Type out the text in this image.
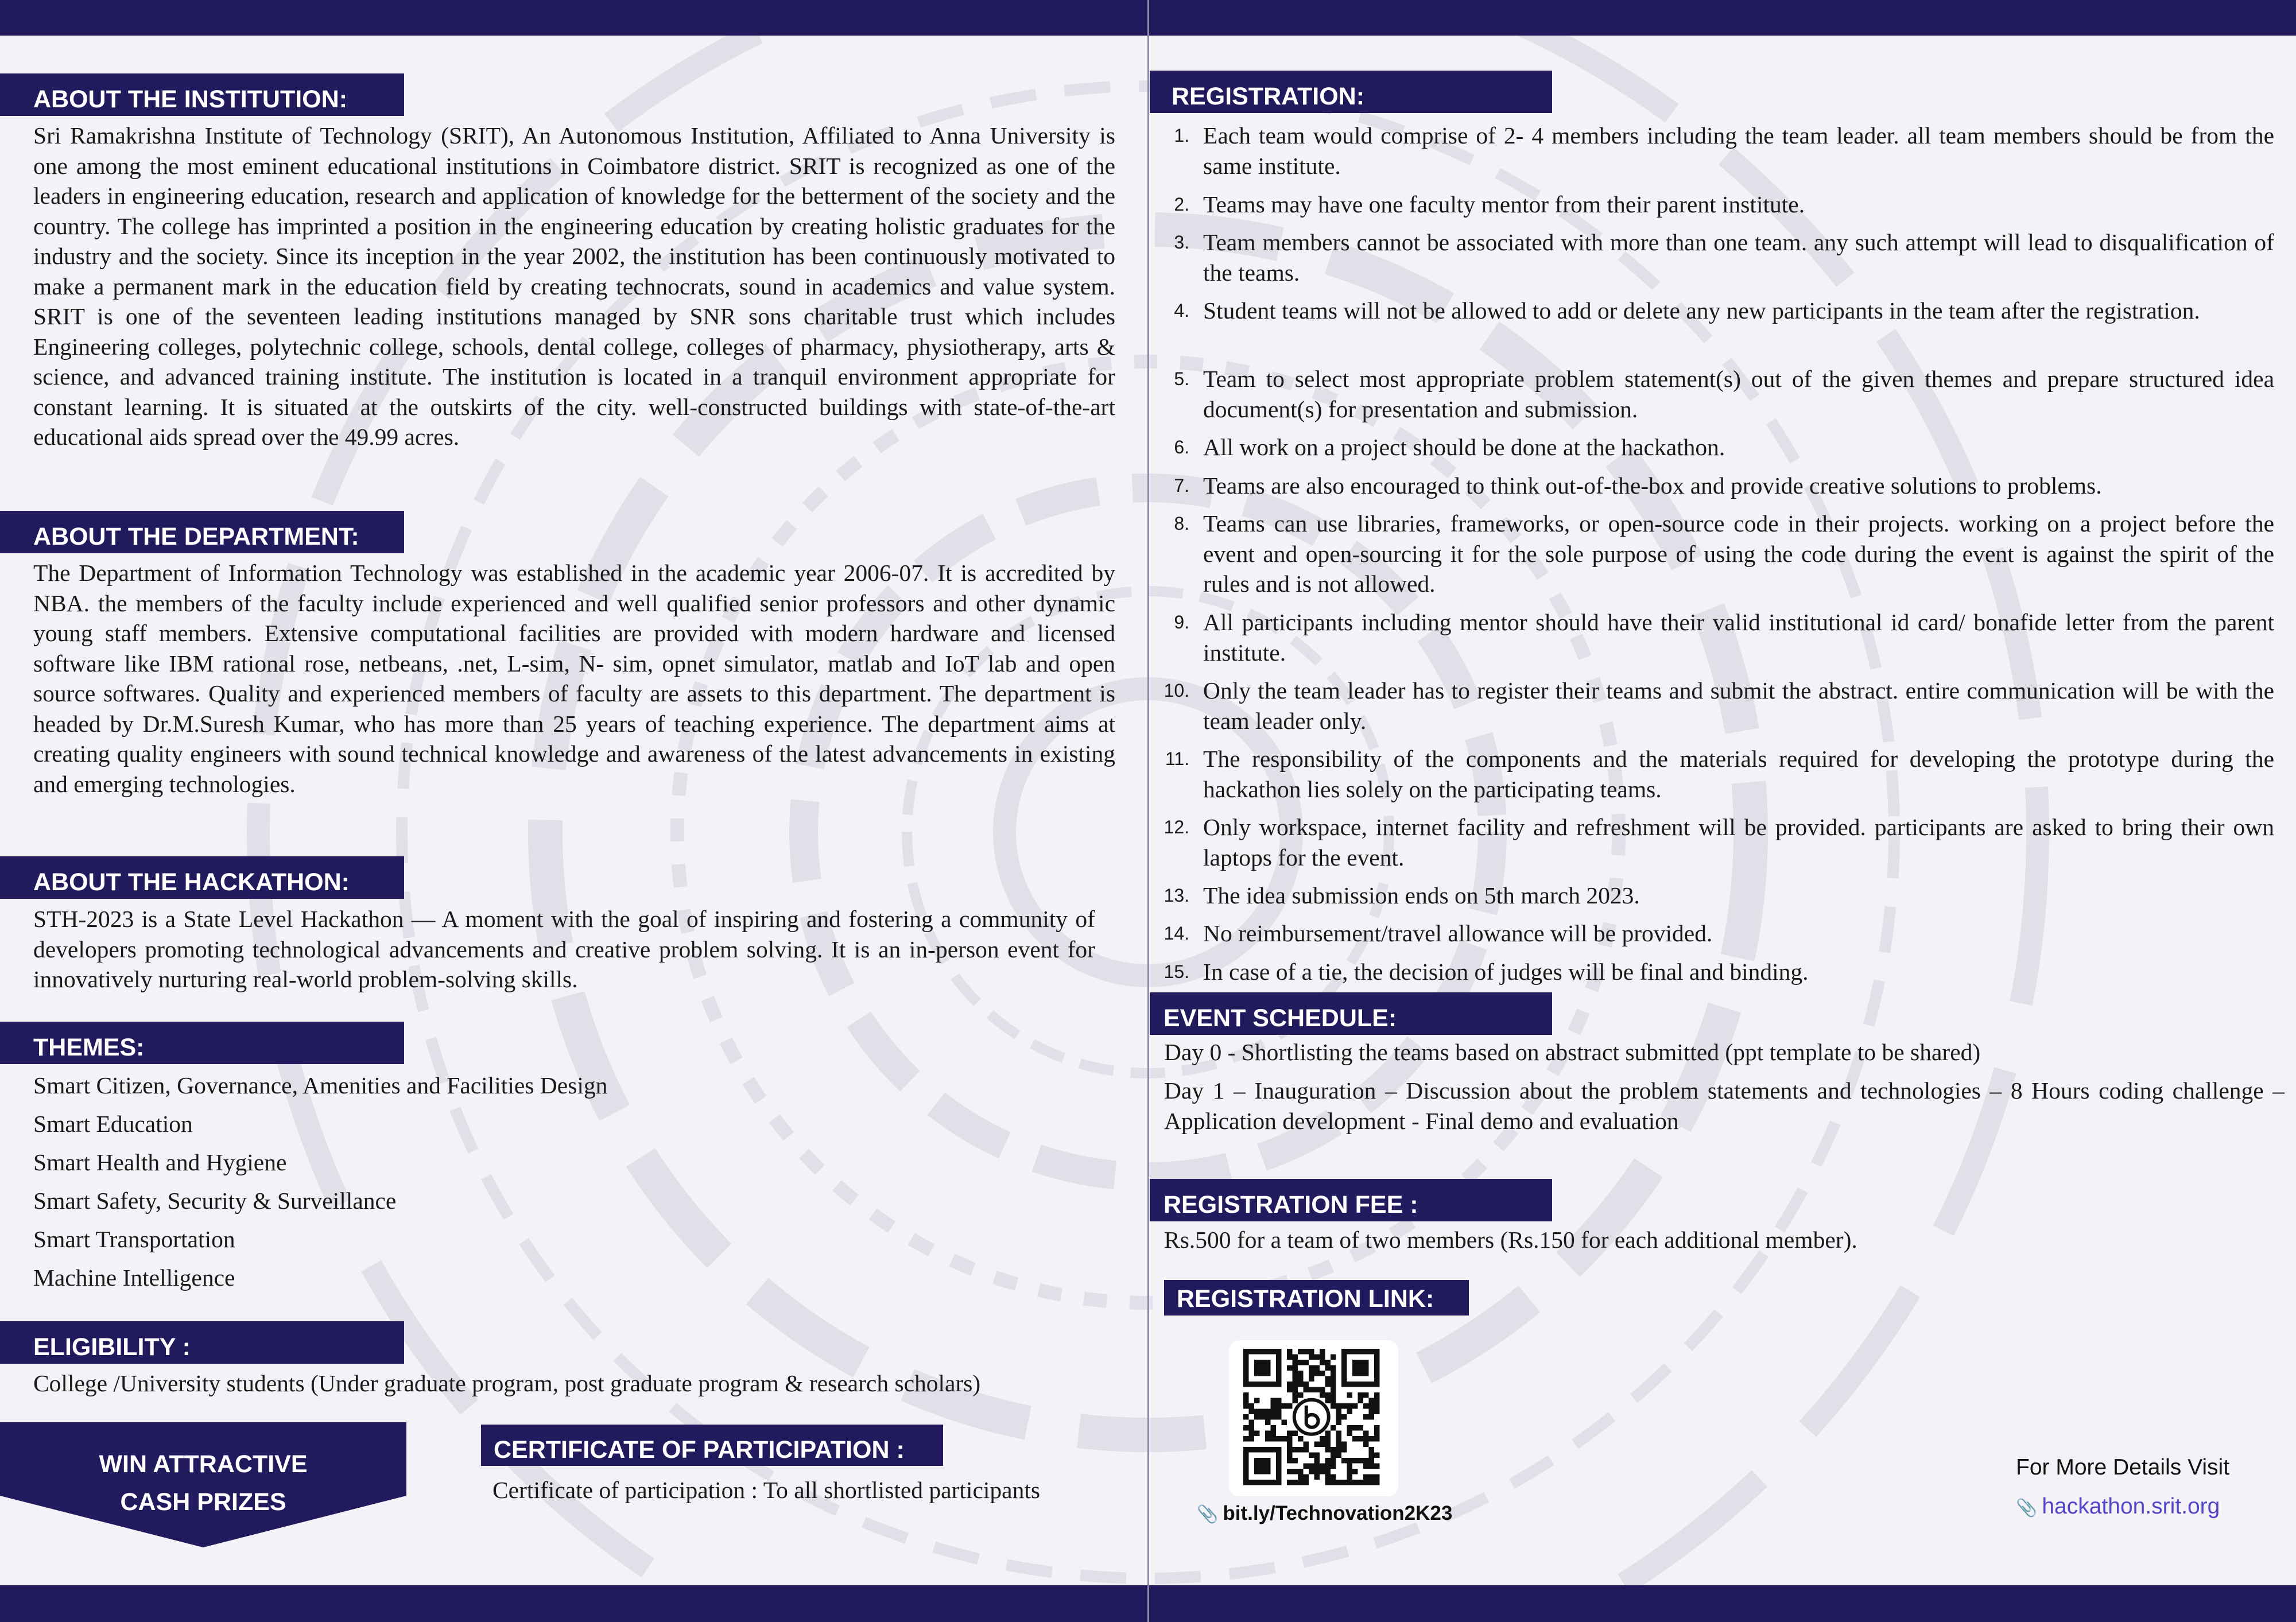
ABOUT THE INSTITUTION:

Sri Ramakrishna Institute of Technology (SRIT), An Autonomous Institution, Affiliated to Anna University is one among the most eminent educational institutions in Coimbatore district. SRIT is recognized as one of the leaders in engineering education, research and application of knowledge for the betterment of the society and the country. The college has imprinted a position in the engineering education by creating holistic graduates for the industry and the society. Since its inception in the year 2002, the institution has been continuously motivated to make a permanent mark in the education field by creating technocrats, sound in academics and value system. SRIT is one of the seventeen leading institutions managed by SNR sons charitable trust which includes Engineering colleges, polytechnic college, schools, dental college, colleges of pharmacy, physiotherapy, arts & science, and advanced training institute. The institution is located in a tranquil environment appropriate for constant learning. It is situated at the outskirts of the city. well-constructed buildings with state-of-the-art educational aids spread over the 49.99 acres.

ABOUT THE DEPARTMENT:

The Department of Information Technology was established in the academic year 2006-07. It is accredited by NBA. the members of the faculty include experienced and well qualified senior professors and other dynamic young staff members. Extensive computational facilities are provided with modern hardware and licensed software like IBM rational rose, netbeans, .net, L-sim, N- sim, opnet simulator, matlab and IoT lab and open source softwares. Quality and experienced members of faculty are assets to this department. The department is headed by Dr.M.Suresh Kumar, who has more than 25 years of teaching experience. The department aims at creating quality engineers with sound technical knowledge and awareness of the latest advancements in existing and emerging technologies.

ABOUT THE HACKATHON:

STH-2023 is a State Level Hackathon — A moment with the goal of inspiring and fostering a community of developers promoting technological advancements and creative problem solving. It is an in-person event for innovatively nurturing real-world problem-solving skills.

THEMES:
Smart Citizen, Governance, Amenities and Facilities Design
Smart Education
Smart Health and Hygiene
Smart Safety, Security & Surveillance
Smart Transportation
Machine Intelligence
ELIGIBILITY :
College /University students (Under graduate program, post graduate program & research scholars)
WIN ATTRACTIVE
CASH PRIZES
CERTIFICATE OF PARTICIPATION :
Certificate of participation : To all shortlisted participants
REGISTRATION:
1. Each team would comprise of 2- 4 members including the team leader. all team members should be from the same institute.
2. Teams may have one faculty mentor from their parent institute.
3. Team members cannot be associated with more than one team. any such attempt will lead to disqualification of the teams.
4. Student teams will not be allowed to add or delete any new participants in the team after the registration.
5. Team to select most appropriate problem statement(s) out of the given themes and prepare structured idea document(s) for presentation and submission.
6. All work on a project should be done at the hackathon.
7. Teams are also encouraged to think out-of-the-box and provide creative solutions to problems.
8. Teams can use libraries, frameworks, or open-source code in their projects. working on a project before the event and open-sourcing it for the sole purpose of using the code during the event is against the spirit of the rules and is not allowed.
9. All participants including mentor should have their valid institutional id card/ bonafide letter from the parent institute.
10. Only the team leader has to register their teams and submit the abstract. entire communication will be with the team leader only.
11. The responsibility of the components and the materials required for developing the prototype during the hackathon lies solely on the participating teams.
12. Only workspace, internet facility and refreshment will be provided. participants are asked to bring their own laptops for the event.
13. The idea submission ends on 5th march 2023.
14. No reimbursement/travel allowance will be provided.
15. In case of a tie, the decision of judges will be final and binding.
EVENT SCHEDULE:
Day 0 - Shortlisting the teams based on abstract submitted (ppt template to be shared)
Day 1 – Inauguration – Discussion about the problem statements and technologies – 8 Hours coding challenge – Application development - Final demo and evaluation
REGISTRATION FEE :
Rs.500 for a team of two members (Rs.150 for each additional member).
REGISTRATION LINK:
📎 bit.ly/Technovation2K23
For More Details Visit
📎 hackathon.srit.org
